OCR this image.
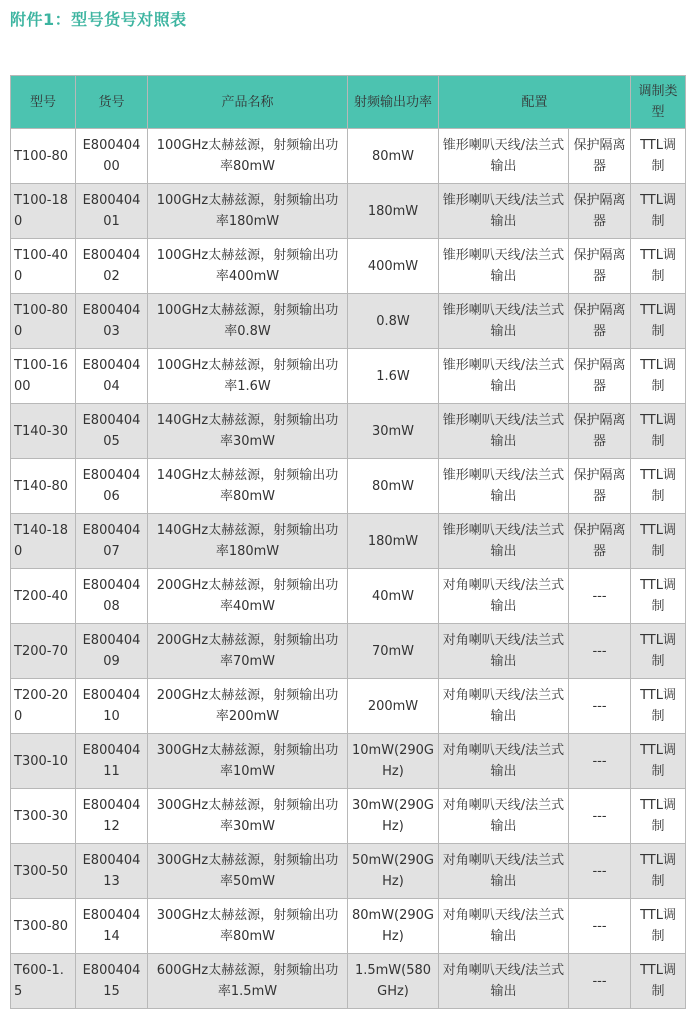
附件1：型号货号对照表
型号	货号	产品名称	射频输出功率	配置		调制类型
T100-80	E80040400	100GHz太赫兹源，射频输出功率80mW	80mW	锥形喇叭天线/法兰式输出	保护隔离器	TTL调制
T100-180	E80040401	100GHz太赫兹源，射频输出功率180mW	180mW	锥形喇叭天线/法兰式输出	保护隔离器	TTL调制
T100-400	E80040402	100GHz太赫兹源，射频输出功率400mW	400mW	锥形喇叭天线/法兰式输出	保护隔离器	TTL调制
T100-800	E80040403	100GHz太赫兹源，射频输出功率0.8W	0.8W	锥形喇叭天线/法兰式输出	保护隔离器	TTL调制
T100-1600	E80040404	100GHz太赫兹源，射频输出功率1.6W	1.6W	锥形喇叭天线/法兰式输出	保护隔离器	TTL调制
T140-30	E80040405	140GHz太赫兹源，射频输出功率30mW	30mW	锥形喇叭天线/法兰式输出	保护隔离器	TTL调制
T140-80	E80040406	140GHz太赫兹源，射频输出功率80mW	80mW	锥形喇叭天线/法兰式输出	保护隔离器	TTL调制
T140-180	E80040407	140GHz太赫兹源，射频输出功率180mW	180mW	锥形喇叭天线/法兰式输出	保护隔离器	TTL调制
T200-40	E80040408	200GHz太赫兹源，射频输出功率40mW	40mW	对角喇叭天线/法兰式输出	---	TTL调制
T200-70	E80040409	200GHz太赫兹源，射频输出功率70mW	70mW	对角喇叭天线/法兰式输出	---	TTL调制
T200-200	E80040410	200GHz太赫兹源，射频输出功率200mW	200mW	对角喇叭天线/法兰式输出	---	TTL调制
T300-10	E80040411	300GHz太赫兹源，射频输出功率10mW	10mW(290GHz)	对角喇叭天线/法兰式输出	---	TTL调制
T300-30	E80040412	300GHz太赫兹源，射频输出功率30mW	30mW(290GHz)	对角喇叭天线/法兰式输出	---	TTL调制
T300-50	E80040413	300GHz太赫兹源，射频输出功率50mW	50mW(290GHz)	对角喇叭天线/法兰式输出	---	TTL调制
T300-80	E80040414	300GHz太赫兹源，射频输出功率80mW	80mW(290GHz)	对角喇叭天线/法兰式输出	---	TTL调制
T600-1.5	E80040415	600GHz太赫兹源，射频输出功率1.5mW	1.5mW(580GHz)	对角喇叭天线/法兰式输出	---	TTL调制
